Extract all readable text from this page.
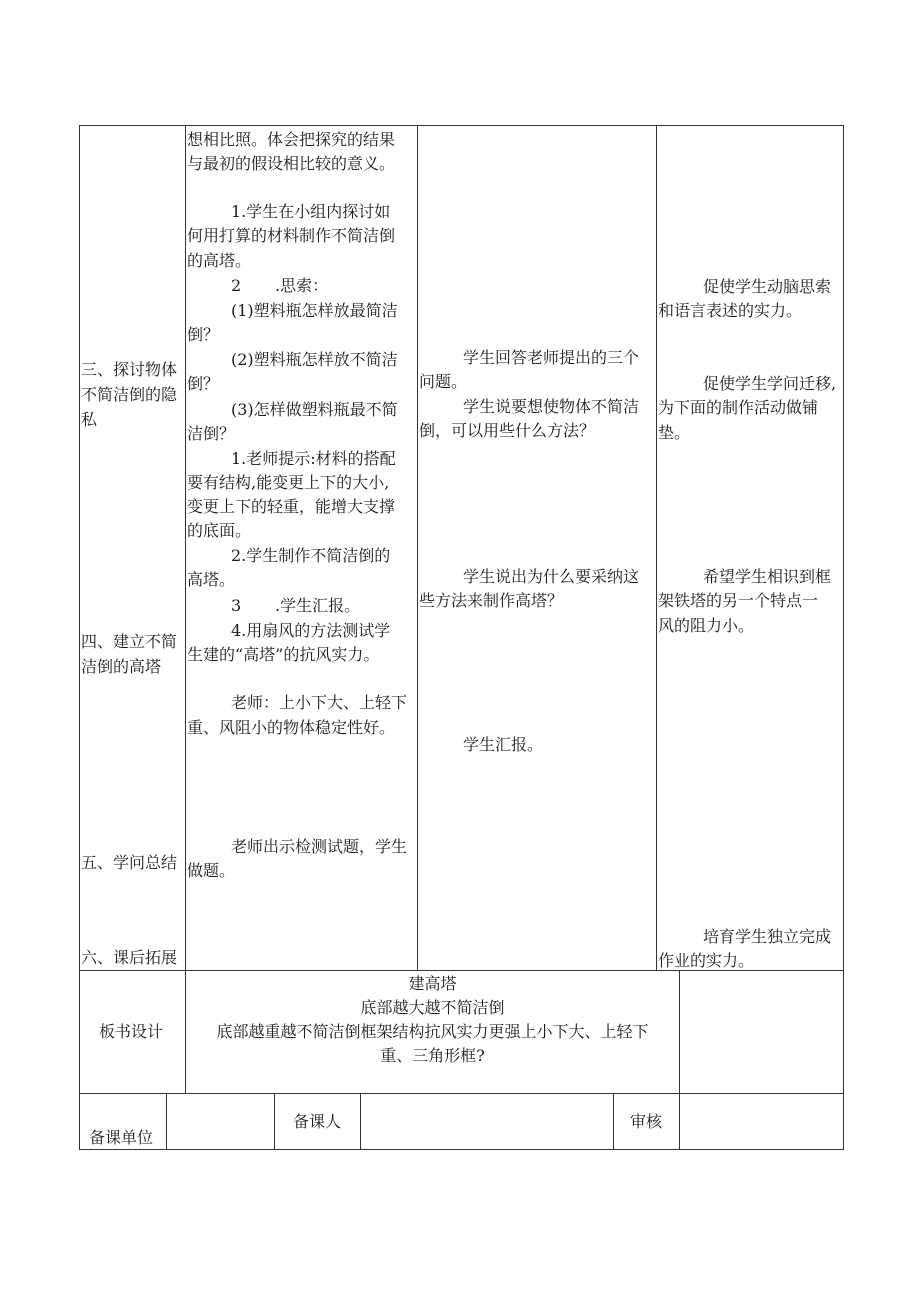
三、探讨物体
不简洁倒的隐
私
四、建立不简
洁倒的高塔
五、学问总结
六、课后拓展
想相比照。体会把探究的结果
与最初的假设相比较的意义。
1.学生在小组内探讨如
何用打算的材料制作不简洁倒
的高塔。
2 .思索：
(1)塑料瓶怎样放最简洁
倒？
(2)塑料瓶怎样放不简洁
倒？
(3)怎样做塑料瓶最不简
洁倒？
1.老师提示:材料的搭配
要有结构,能变更上下的大小,
变更上下的轻重，能增大支撑
的底面。
2.学生制作不简洁倒的
高塔。
3 .学生汇报。
4.用扇风的方法测试学
生建的“高塔”的抗风实力。
老师：上小下大、上轻下
重、风阻小的物体稳定性好。
老师出示检测试题，学生
做题。
学生回答老师提出的三个
问题。
学生说要想使物体不简洁
倒，可以用些什么方法？
学生说出为什么要采纳这
些方法来制作高塔？
学生汇报。
促使学生动脑思索
和语言表述的实力。
促使学生学问迁移,
为下面的制作活动做铺
垫。
希望学生相识到框
架铁塔的另一个特点一
风的阻力小。
培育学生独立完成
作业的实力。
板书设计
建高塔
底部越大越不简洁倒
底部越重越不简洁倒框架结构抗风实力更强上小下大、上轻下
重、三角形框?
备课单位
备课人	审核
